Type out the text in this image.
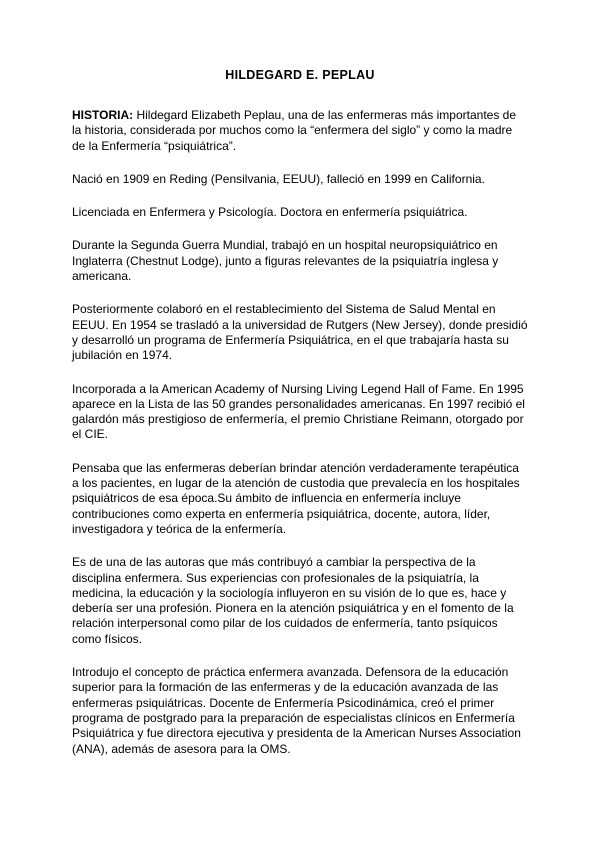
HILDEGARD E. PEPLAU

HISTORIA: Hildegard Elizabeth Peplau, una de las enfermeras más importantes de la historia, considerada por muchos como la “enfermera del siglo” y como la madre de la Enfermería “psiquiátrica”.

Nació en 1909 en Reding (Pensilvania, EEUU), falleció en 1999 en California.

Licenciada en Enfermera y Psicología. Doctora en enfermería psiquiátrica.

Durante la Segunda Guerra Mundial, trabajó en un hospital neuropsiquiátrico en Inglaterra (Chestnut Lodge), junto a figuras relevantes de la psiquiatría inglesa y americana.

Posteriormente colaboró en el restablecimiento del Sistema de Salud Mental en EEUU. En 1954 se trasladó a la universidad de Rutgers (New Jersey), donde presidió y desarrolló un programa de Enfermería Psiquiátrica, en el que trabajaría hasta su jubilación en 1974.

Incorporada a la American Academy of Nursing Living Legend Hall of Fame. En 1995 aparece en la Lista de las 50 grandes personalidades americanas. En 1997 recibió el galardón más prestigioso de enfermería, el premio Christiane Reimann, otorgado por el CIE.

Pensaba que las enfermeras deberían brindar atención verdaderamente terapéutica a los pacientes, en lugar de la atención de custodia que prevalecía en los hospitales psiquiátricos de esa época.Su ámbito de influencia en enfermería incluye contribuciones como experta en enfermería psiquiátrica, docente, autora, líder, investigadora y teórica de la enfermería.

Es de una de las autoras que más contribuyó a cambiar la perspectiva de la disciplina enfermera. Sus experiencias con profesionales de la psiquiatría, la medicina, la educación y la sociología influyeron en su visión de lo que es, hace y debería ser una profesión. Pionera en la atención psiquiátrica y en el fomento de la relación interpersonal como pilar de los cuidados de enfermería, tanto psíquicos como físicos.

Introdujo el concepto de práctica enfermera avanzada. Defensora de la educación superior para la formación de las enfermeras y de la educación avanzada de las enfermeras psiquiátricas. Docente de Enfermería Psicodinámica, creó el primer programa de postgrado para la preparación de especialistas clínicos en Enfermería Psiquiátrica y fue directora ejecutiva y presidenta de la American Nurses Association (ANA), además de asesora para la OMS.
